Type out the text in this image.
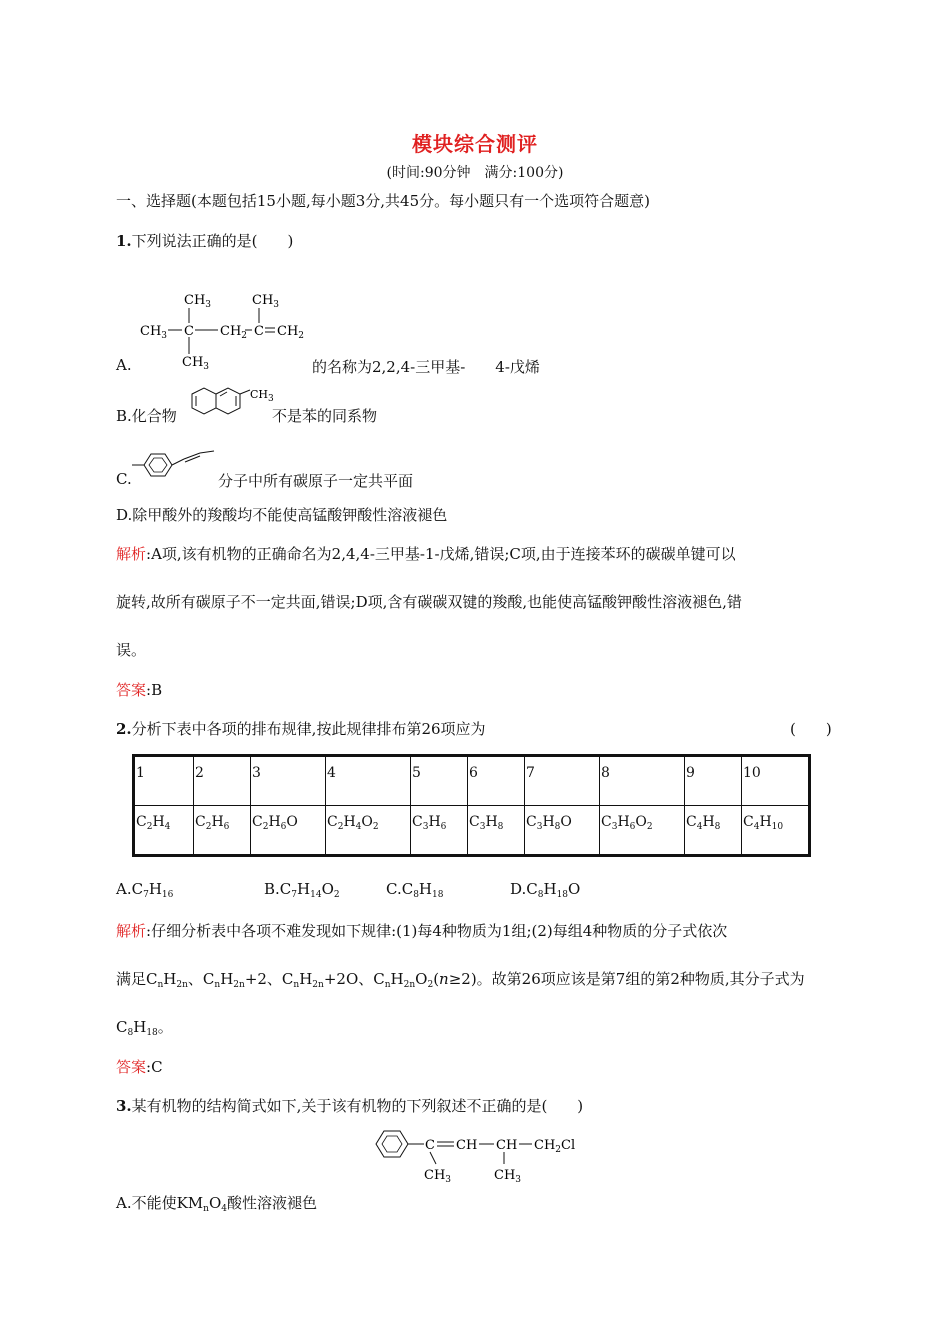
模块综合测评
(时间:90分钟　满分:100分)
一、选择题(本题包括15小题,每小题3分,共45分。每小题只有一个选项符合题意)
1.下列说法正确的是(　　)
$CH_3$	$CH_3$
$CH_3$ C $CH_2$ C $CH_2$
$CH_3$
A.	的名称为2,2,4-三甲基-　　4-戊烯
B.化合物
$CH_3$
不是苯的同系物
C.	分子中所有碳原子一定共平面
D.除甲酸外的羧酸均不能使高锰酸钾酸性溶液褪色
解析:A项,该有机物的正确命名为2,4,4-三甲基-1-戊烯,错误;C项,由于连接苯环的碳碳单键可以
旋转,故所有碳原子不一定共面,错误;D项,含有碳碳双键的羧酸,也能使高锰酸钾酸性溶液褪色,错
误。
答案:B
2.分析下表中各项的排布规律,按此规律排布第26项应为	(　　)
1	2	3	4	5	6	7	8	9	10
$C_2H_4$	$C_2H_6$	$C_2H_6O$	$C_2H_4O_2$	$C_3H_6$	$C_3H_8$	$C_3H_8O$	$C_3H_6O_2$	$C_4H_8$	$C_4H_{10}$
$A.C_7H_{16}$	$B.C_7H_{14}O_2$	$C.C_8H_{18}$	$D.C_8H_{18}O$
解析:仔细分析表中各项不难发现如下规律:(1)每4种物质为1组;(2)每组4种物质的分子式依次
满足$C_nH_{2n}$、$C_nH_{2n}+2$、$C_nH_{2n}+2O$、$C_nH_{2n}O_2(n\ge 2)$。故第26项应该是第7组的第2种物质,其分子式为
$C_8H_{18}$。
答案:C
3.某有机物的结构简式如下,关于该有机物的下列叙述不正确的是(　　)
C CH CH $CH_2Cl$
$CH_3$	$CH_3$
A.不能使$KM_nO_4$酸性溶液褪色
